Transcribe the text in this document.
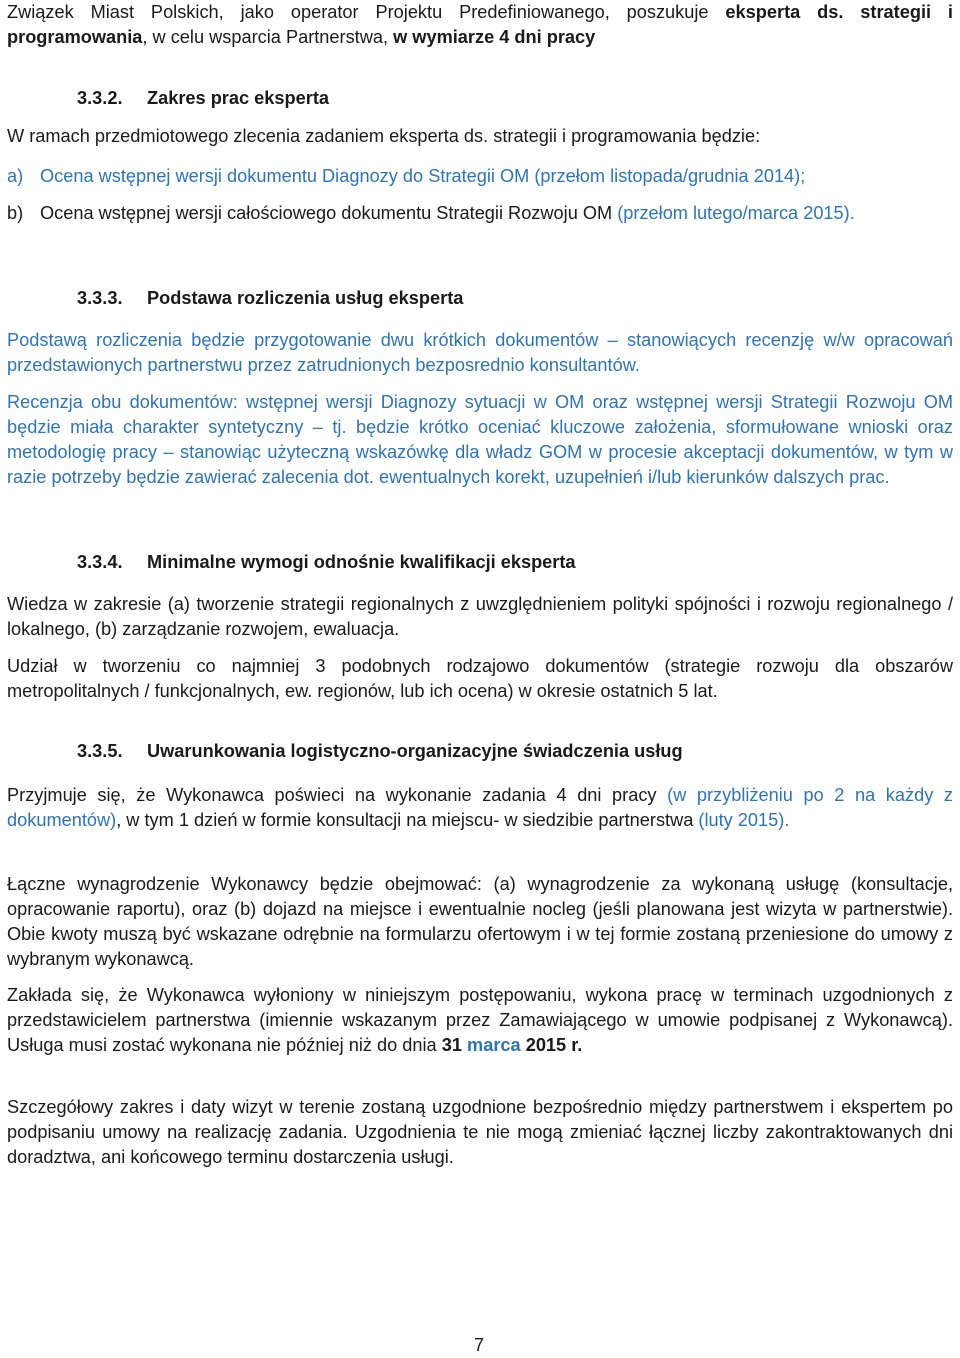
Związek Miast Polskich, jako operator Projektu Predefiniowanego, poszukuje eksperta ds. strategii i programowania, w celu wsparcia Partnerstwa, w wymiarze 4 dni pracy

3.3.2. Zakres prac eksperta

W ramach przedmiotowego zlecenia zadaniem eksperta ds. strategii i programowania będzie:

a) Ocena wstępnej wersji dokumentu Diagnozy do Strategii OM (przełom listopada/grudnia 2014);

b) Ocena wstępnej wersji całościowego dokumentu Strategii Rozwoju OM (przełom lutego/marca 2015).

3.3.3. Podstawa rozliczenia usług eksperta

Podstawą rozliczenia będzie przygotowanie dwu krótkich dokumentów – stanowiących recenzję w/w opracowań przedstawionych partnerstwu przez zatrudnionych bezposrednio konsultantów.

Recenzja obu dokumentów: wstępnej wersji Diagnozy sytuacji w OM oraz wstępnej wersji Strategii Rozwoju OM będzie miała charakter syntetyczny – tj. będzie krótko oceniać kluczowe założenia, sformułowane wnioski oraz metodologię pracy – stanowiąc użyteczną wskazówkę dla władz GOM w procesie akceptacji dokumentów, w tym w razie potrzeby będzie zawierać zalecenia dot. ewentualnych korekt, uzupełnień i/lub kierunków dalszych prac.

3.3.4. Minimalne wymogi odnośnie kwalifikacji eksperta

Wiedza w zakresie (a) tworzenie strategii regionalnych z uwzględnieniem polityki spójności i rozwoju regionalnego / lokalnego, (b) zarządzanie rozwojem, ewaluacja.

Udział w tworzeniu co najmniej 3 podobnych rodzajowo dokumentów (strategie rozwoju dla obszarów metropolitalnych / funkcjonalnych, ew. regionów, lub ich ocena) w okresie ostatnich 5 lat.

3.3.5. Uwarunkowania logistyczno-organizacyjne świadczenia usług

Przyjmuje się, że Wykonawca poświeci na wykonanie zadania 4 dni pracy (w przybliżeniu po 2 na każdy z dokumentów), w tym 1 dzień w formie konsultacji na miejscu‐ w siedzibie partnerstwa (luty 2015).

Łączne wynagrodzenie Wykonawcy będzie obejmować: (a) wynagrodzenie za wykonaną usługę (konsultacje, opracowanie raportu), oraz (b) dojazd na miejsce i ewentualnie nocleg (jeśli planowana jest wizyta w partnerstwie). Obie kwoty muszą być wskazane odrębnie na formularzu ofertowym i w tej formie zostaną przeniesione do umowy z wybranym wykonawcą.

Zakłada się, że Wykonawca wyłoniony w niniejszym postępowaniu, wykona pracę w terminach uzgodnionych z przedstawicielem partnerstwa (imiennie wskazanym przez Zamawiającego w umowie podpisanej z Wykonawcą). Usługa musi zostać wykonana nie później niż do dnia 31 marca 2015 r.

Szczegółowy zakres i daty wizyt w terenie zostaną uzgodnione bezpośrednio między partnerstwem i ekspertem po podpisaniu umowy na realizację zadania. Uzgodnienia te nie mogą zmieniać łącznej liczby zakontraktowanych dni doradztwa, ani końcowego terminu dostarczenia usługi.

7
